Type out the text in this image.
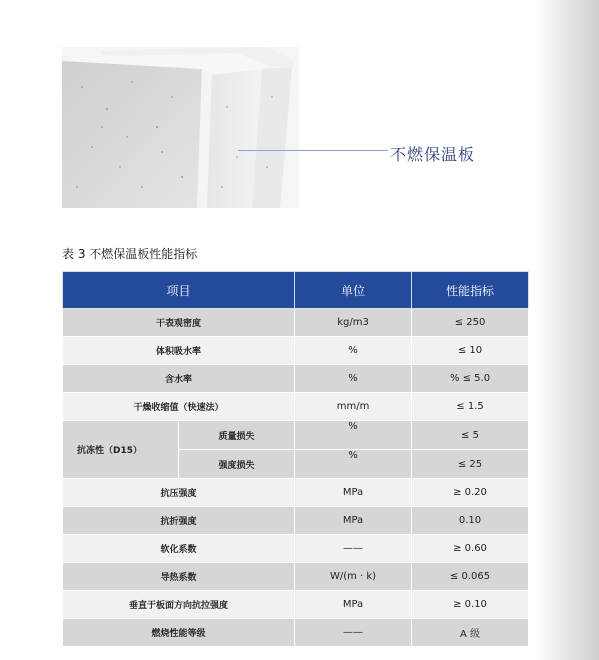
不燃保温板
表 3 不燃保温板性能指标
项目		单位	性能指标
干表观密度		kg/m3	≤ 250
体积吸水率		%	≤ 10
含水率		%	% ≤ 5.0
干燥收缩值（快速法）		mm/m	≤ 1.5
抗冻性（D15）	质量损失	%	≤ 5
	强度损失	%	≤ 25
抗压强度		MPa	≥ 0.20
抗折强度		MPa	0.10
软化系数		——	≥ 0.60
导热系数		W/(m · k)	≤ 0.065
垂直于板面方向抗拉强度		MPa	≥ 0.10
燃烧性能等级		——	A 级
